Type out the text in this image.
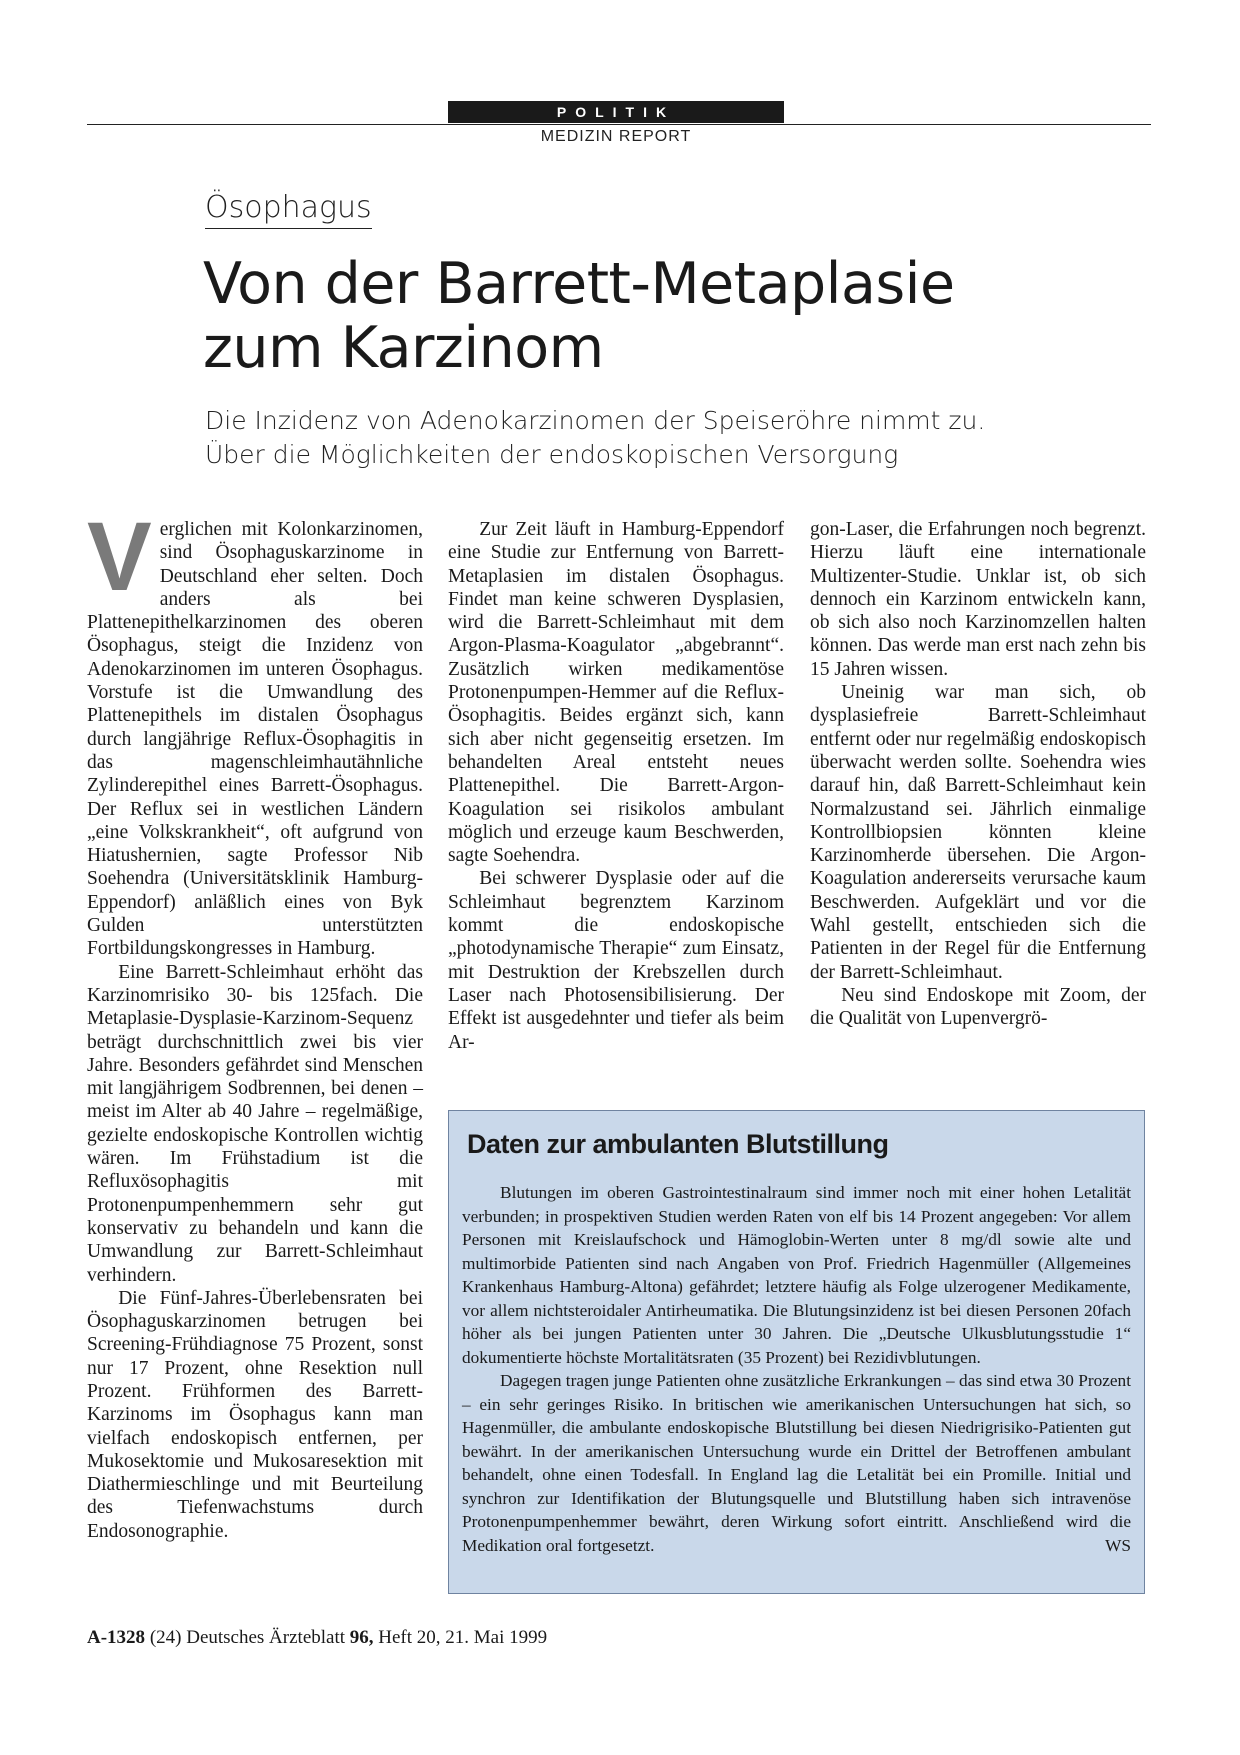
POLITIK
MEDIZIN REPORT
Ösophagus
Von der Barrett-Metaplasie
zum Karzinom

Die Inzidenz von Adenokarzinomen der Speiseröhre nimmt zu.
Über die Möglichkeiten der endoskopischen Versorgung

Verglichen mit Kolonkarzinomen, sind Ösophaguskarzinome in Deutschland eher selten. Doch anders als bei Plattenepithelkarzinomen des oberen Ösophagus, steigt die Inzidenz von Adenokarzinomen im unteren Ösophagus. Vorstufe ist die Umwandlung des Plattenepithels im distalen Ösophagus durch langjährige Reflux-Ösophagitis in das magenschleimhautähnliche Zylinderepithel eines Barrett-Ösophagus. Der Reflux sei in westlichen Ländern „eine Volkskrankheit“, oft aufgrund von Hiatushernien, sagte Professor Nib Soehendra (Universitätsklinik Hamburg-Eppendorf) anläßlich eines von Byk Gulden unterstützten Fortbildungskongresses in Hamburg.

Eine Barrett-Schleimhaut erhöht das Karzinomrisiko 30- bis 125fach. Die Metaplasie-Dysplasie-Karzinom-Sequenz beträgt durchschnittlich zwei bis vier Jahre. Besonders gefährdet sind Menschen mit langjährigem Sodbrennen, bei denen – meist im Alter ab 40 Jahre – regelmäßige, gezielte endoskopische Kontrollen wichtig wären. Im Frühstadium ist die Refluxösophagitis mit Protonenpumpenhemmern sehr gut konservativ zu behandeln und kann die Umwandlung zur Barrett-Schleimhaut verhindern.

Die Fünf-Jahres-Überlebensraten bei Ösophaguskarzinomen betrugen bei Screening-Frühdiagnose 75 Prozent, sonst nur 17 Prozent, ohne Resektion null Prozent. Frühformen des Barrett-Karzinoms im Ösophagus kann man vielfach endoskopisch entfernen, per Mukosektomie und Mukosaresektion mit Diathermieschlinge und mit Beurteilung des Tiefenwachstums durch Endosonographie.

Zur Zeit läuft in Hamburg-Eppendorf eine Studie zur Entfernung von Barrett-Metaplasien im distalen Ösophagus. Findet man keine schweren Dysplasien, wird die Barrett-Schleimhaut mit dem Argon-Plasma-Koagulator „abgebrannt“. Zusätzlich wirken medikamentöse Protonenpumpen-Hemmer auf die Reflux-Ösophagitis. Beides ergänzt sich, kann sich aber nicht gegenseitig ersetzen. Im behandelten Areal entsteht neues Plattenepithel. Die Barrett-Argon-Koagulation sei risikolos ambulant möglich und erzeuge kaum Beschwerden, sagte Soehendra.

Bei schwerer Dysplasie oder auf die Schleimhaut begrenztem Karzinom kommt die endoskopische „photodynamische Therapie“ zum Einsatz, mit Destruktion der Krebszellen durch Laser nach Photosensibilisierung. Der Effekt ist ausgedehnter und tiefer als beim Ar-

gon-Laser, die Erfahrungen noch begrenzt. Hierzu läuft eine internationale Multizenter-Studie. Unklar ist, ob sich dennoch ein Karzinom entwickeln kann, ob sich also noch Karzinomzellen halten können. Das werde man erst nach zehn bis 15 Jahren wissen.

Uneinig war man sich, ob dysplasiefreie Barrett-Schleimhaut entfernt oder nur regelmäßig endoskopisch überwacht werden sollte. Soehendra wies darauf hin, daß Barrett-Schleimhaut kein Normalzustand sei. Jährlich einmalige Kontrollbiopsien könnten kleine Karzinomherde übersehen. Die Argon-Koagulation andererseits verursache kaum Beschwerden. Aufgeklärt und vor die Wahl gestellt, entschieden sich die Patienten in der Regel für die Entfernung der Barrett-Schleimhaut.

Neu sind Endoskope mit Zoom, der die Qualität von Lupenvergrö-

Daten zur ambulanten Blutstillung

Blutungen im oberen Gastrointestinalraum sind immer noch mit einer hohen Letalität verbunden; in prospektiven Studien werden Raten von elf bis 14 Prozent angegeben: Vor allem Personen mit Kreislaufschock und Hämoglobin-Werten unter 8 mg/dl sowie alte und multimorbide Patienten sind nach Angaben von Prof. Friedrich Hagenmüller (Allgemeines Krankenhaus Hamburg-Altona) gefährdet; letztere häufig als Folge ulzerogener Medikamente, vor allem nichtsteroidaler Antirheumatika. Die Blutungsinzidenz ist bei diesen Personen 20fach höher als bei jungen Patienten unter 30 Jahren. Die „Deutsche Ulkusblutungsstudie 1“ dokumentierte höchste Mortalitätsraten (35 Prozent) bei Rezidivblutungen.

Dagegen tragen junge Patienten ohne zusätzliche Erkrankungen – das sind etwa 30 Prozent – ein sehr geringes Risiko. In britischen wie amerikanischen Untersuchungen hat sich, so Hagenmüller, die ambulante endoskopische Blutstillung bei diesen Niedrigrisiko-Patienten gut bewährt. In der amerikanischen Untersuchung wurde ein Drittel der Betroffenen ambulant behandelt, ohne einen Todesfall. In England lag die Letalität bei ein Promille. Initial und synchron zur Identifikation der Blutungsquelle und Blutstillung haben sich intravenöse Protonenpumpenhemmer bewährt, deren Wirkung sofort eintritt. Anschließend wird die Medikation oral fortgesetzt.	WS

A-1328 (24) Deutsches Ärzteblatt 96, Heft 20, 21. Mai 1999
